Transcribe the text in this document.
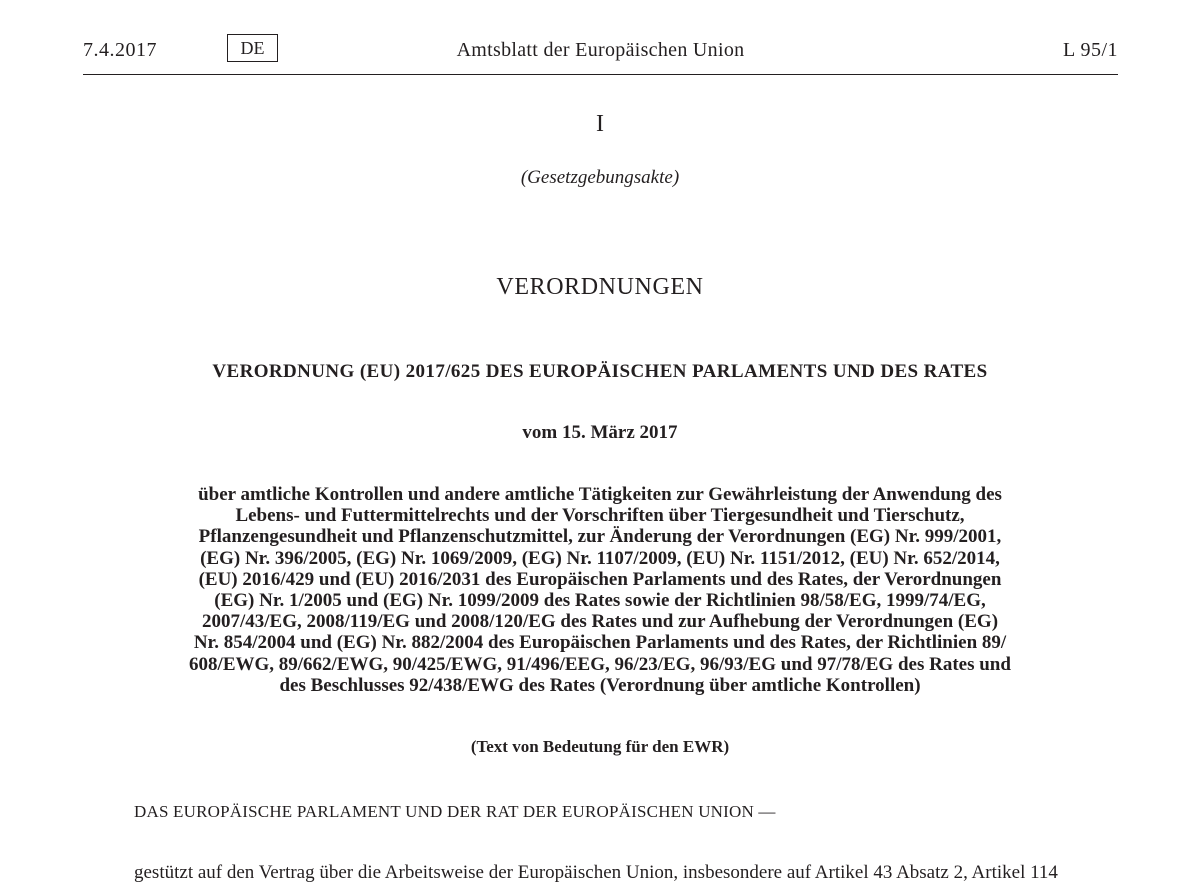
7.4.2017	DE	Amtsblatt der Europäischen Union	L 95/1
I
(Gesetzgebungsakte)
VERORDNUNGEN
VERORDNUNG (EU) 2017/625 DES EUROPÄISCHEN PARLAMENTS UND DES RATES
vom 15. März 2017
über amtliche Kontrollen und andere amtliche Tätigkeiten zur Gewährleistung der Anwendung des
Lebens- und Futtermittelrechts und der Vorschriften über Tiergesundheit und Tierschutz,
Pflanzengesundheit und Pflanzenschutzmittel, zur Änderung der Verordnungen (EG) Nr. 999/2001,
(EG) Nr. 396/2005, (EG) Nr. 1069/2009, (EG) Nr. 1107/2009, (EU) Nr. 1151/2012, (EU) Nr. 652/2014,
(EU) 2016/429 und (EU) 2016/2031 des Europäischen Parlaments und des Rates, der Verordnungen
(EG) Nr. 1/2005 und (EG) Nr. 1099/2009 des Rates sowie der Richtlinien 98/58/EG, 1999/74/EG,
2007/43/EG, 2008/119/EG und 2008/120/EG des Rates und zur Aufhebung der Verordnungen (EG)
Nr. 854/2004 und (EG) Nr. 882/2004 des Europäischen Parlaments und des Rates, der Richtlinien 89/
608/EWG, 89/662/EWG, 90/425/EWG, 91/496/EEG, 96/23/EG, 96/93/EG und 97/78/EG des Rates und
des Beschlusses 92/438/EWG des Rates (Verordnung über amtliche Kontrollen)
(Text von Bedeutung für den EWR)
DAS EUROPÄISCHE PARLAMENT UND DER RAT DER EUROPÄISCHEN UNION —
gestützt auf den Vertrag über die Arbeitsweise der Europäischen Union, insbesondere auf Artikel 43 Absatz 2, Artikel 114
